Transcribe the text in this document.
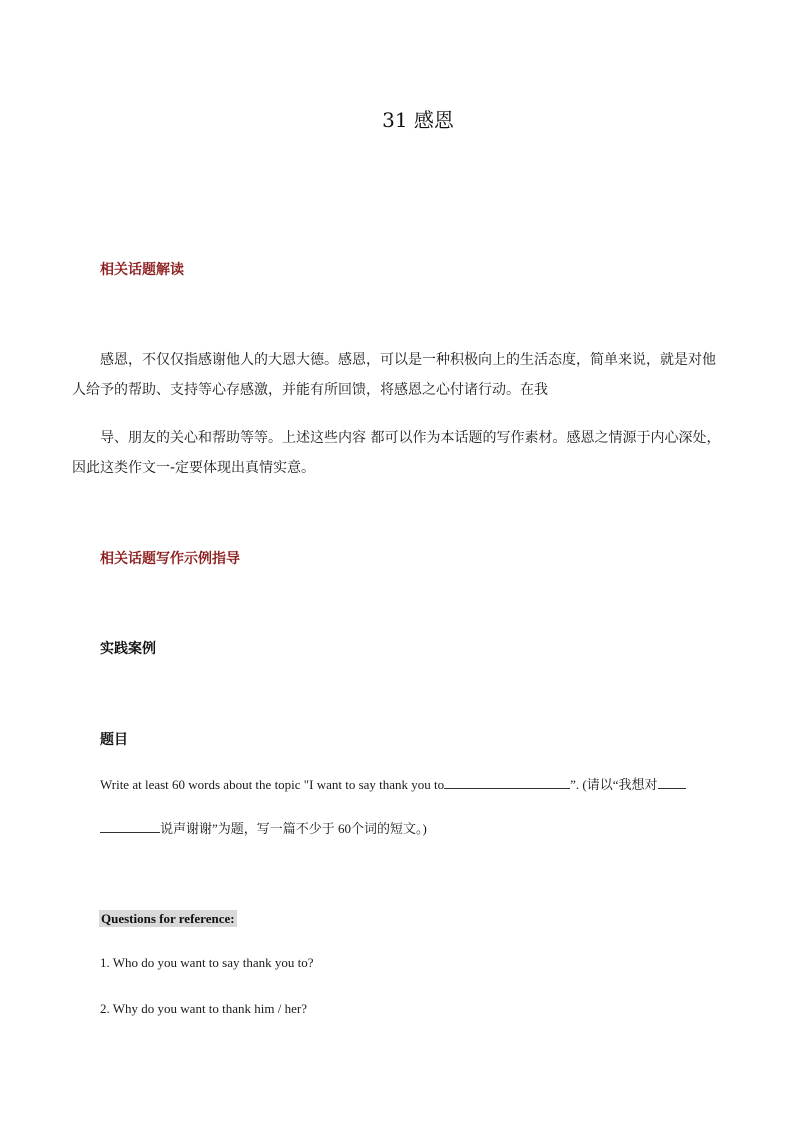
31 感恩
相关话题解读
感恩，不仅仅指感谢他人的大恩大德。感恩，可以是一种积极向上的生活态度，简单来说，就是对他
人给予的帮助、支持等心存感激，并能有所回馈，将感恩之心付诸行动。在我
导、朋友的关心和帮助等等。上述这些内容 都可以作为本话题的写作素材。感恩之情源于内心深处，
因此这类作文一-定要体现出真情实意。
相关话题写作示例指导
实践案例
题目
Write at least 60 words about the topic "I want to say thank you to	”. (请以“我想对
说声谢谢”为题，写一篇不少于 60个词的短文。)
Questions for reference:
1. Who do you want to say thank you to?
2. Why do you want to thank him / her?
